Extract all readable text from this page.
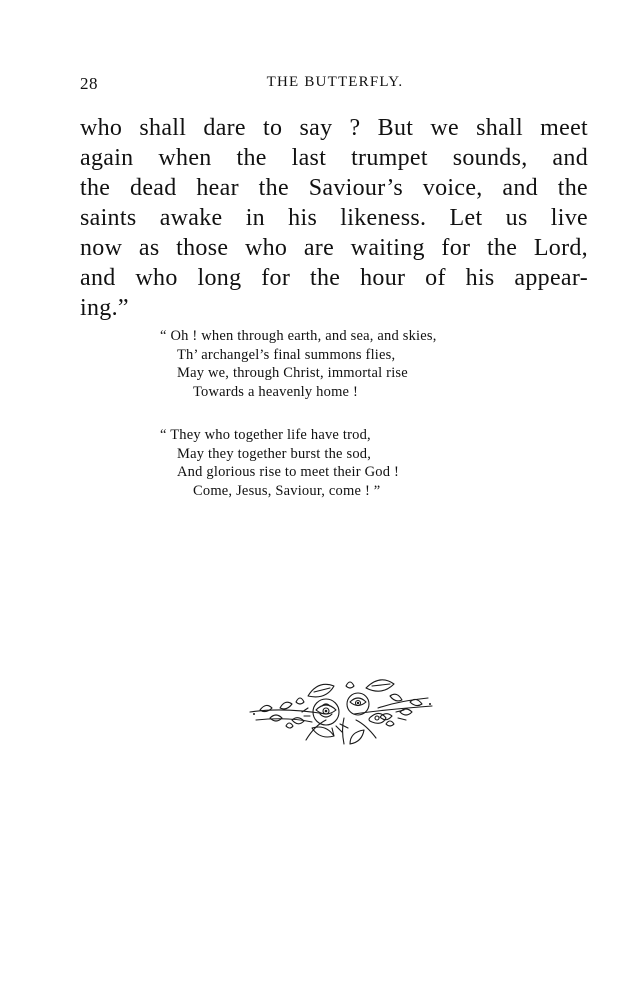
28	THE BUTTERFLY.
who shall dare to say ? But we shall meet
again when the last trumpet sounds, and
the dead hear the Saviour’s voice, and the
saints awake in his likeness. Let us live
now as those who are waiting for the Lord,
and who long for the hour of his appear-
ing.”
“ Oh ! when through earth, and sea, and skies,
Th’ archangel’s final summons flies,
May we, through Christ, immortal rise
Towards a heavenly home !
“ They who together life have trod,
May they together burst the sod,
And glorious rise to meet their God !
Come, Jesus, Saviour, come ! ”
